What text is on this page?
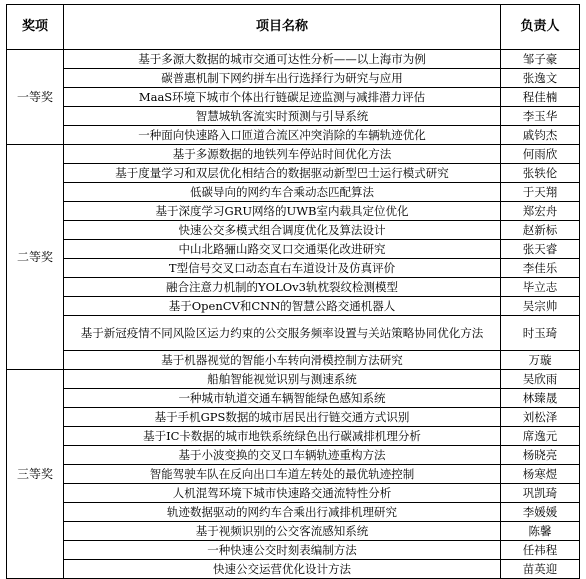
奖项	项目名称	负责人
一等奖	基于多源大数据的城市交通可达性分析——以上海市为例	邹子豪
	碳普惠机制下网约拼车出行选择行为研究与应用	张逸文
	MaaS环境下城市个体出行链碳足迹监测与减排潜力评估	程佳楠
	智慧城轨客流实时预测与引导系统	李玉华
	一种面向快速路入口匝道合流区冲突消除的车辆轨迹优化	戚钧杰
二等奖	基于多源数据的地铁列车停站时间优化方法	何雨欣
	基于度量学习和双层优化相结合的数据驱动新型巴士运行模式研究	张轶伦
	低碳导向的网约车合乘动态匹配算法	于天翔
	基于深度学习GRU网络的UWB室内载具定位优化	郑宏舟
	快速公交多模式组合调度优化及算法设计	赵新标
	中山北路骊山路交叉口交通渠化改进研究	张天睿
	T型信号交叉口动态直右车道设计及仿真评价	李佳乐
	融合注意力机制的YOLOv3轨枕裂纹检测模型	毕立志
	基于OpenCV和CNN的智慧公路交通机器人	吴宗帅
	基于新冠疫情不同风险区运力约束的公交服务频率设置与关站策略协同优化方法	时玉琦
	基于机器视觉的智能小车转向滑模控制方法研究	万璇
三等奖	船舶智能视觉识别与测速系统	吴欣雨
	一种城市轨道交通车辆智能绿色感知系统	林臻晟
	基于手机GPS数据的城市居民出行链交通方式识别	刘松泽
	基于IC卡数据的城市地铁系统绿色出行碳减排机理分析	席逸元
	基于小波变换的交叉口车辆轨迹重构方法	杨晓亮
	智能驾驶车队在反向出口车道左转处的最优轨迹控制	杨寒煜
	人机混驾环境下城市快速路交通流特性分析	巩凯琦
	轨迹数据驱动的网约车合乘出行减排机理研究	李媛媛
	基于视频识别的公交客流感知系统	陈馨
	一种快速公交时刻表编制方法	任祎程
	快速公交运营优化设计方法	苗英迎
